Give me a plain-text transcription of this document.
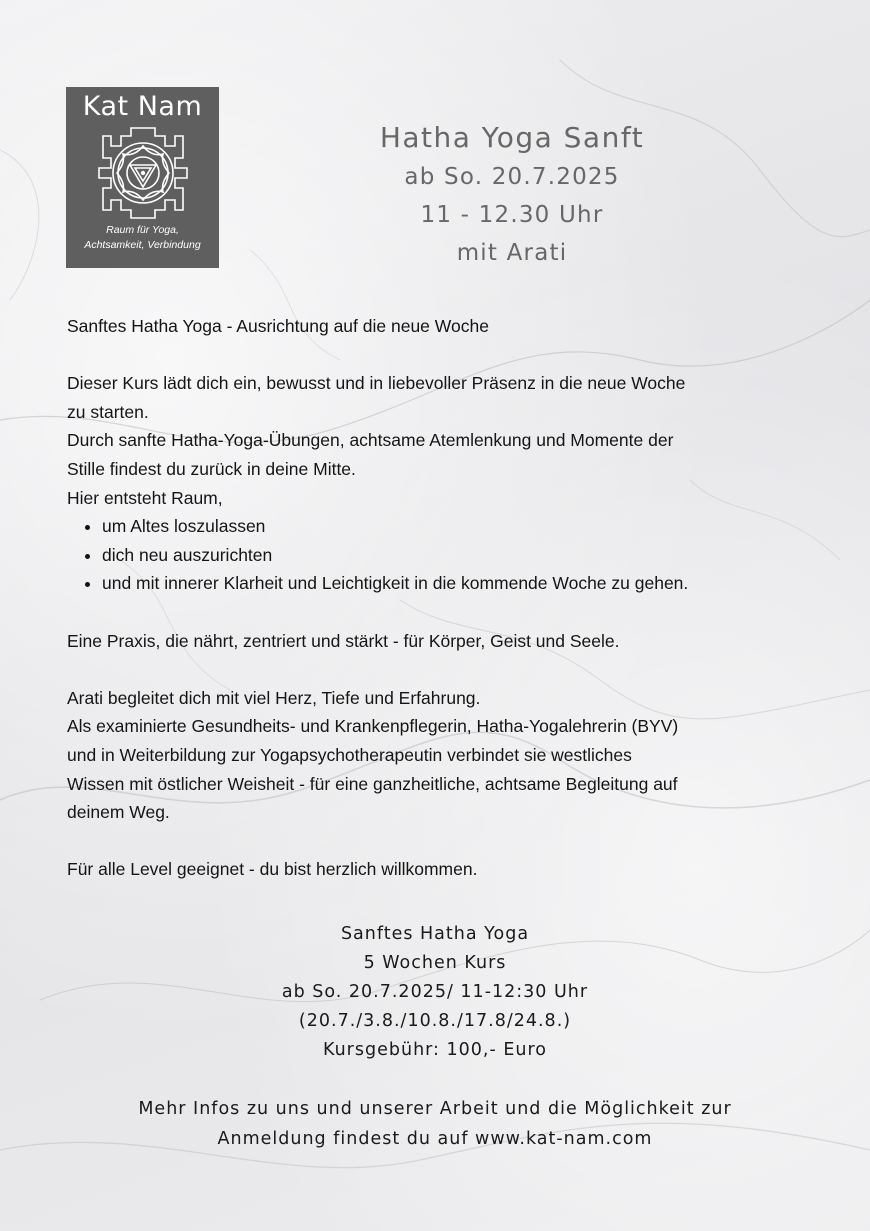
Kat Nam
Raum für Yoga,
Achtsamkeit, Verbindung
Hatha Yoga Sanft
ab So. 20.7.2025
11 - 12.30 Uhr
mit Arati

Sanftes Hatha Yoga - Ausrichtung auf die neue Woche

Dieser Kurs lädt dich ein, bewusst und in liebevoller Präsenz in die neue Woche

zu starten.

Durch sanfte Hatha-Yoga-Übungen, achtsame Atemlenkung und Momente der

Stille findest du zurück in deine Mitte.

Hier entsteht Raum,

• um Altes loszulassen
• dich neu auszurichten
• und mit innerer Klarheit und Leichtigkeit in die kommende Woche zu gehen.

Eine Praxis, die nährt, zentriert und stärkt - für Körper, Geist und Seele.

Arati begleitet dich mit viel Herz, Tiefe und Erfahrung.

Als examinierte Gesundheits- und Krankenpflegerin, Hatha-Yogalehrerin (BYV)

und in Weiterbildung zur Yogapsychotherapeutin verbindet sie westliches

Wissen mit östlicher Weisheit - für eine ganzheitliche, achtsame Begleitung auf

deinem Weg.

Für alle Level geeignet - du bist herzlich willkommen.

Sanftes Hatha Yoga
5 Wochen Kurs
ab So. 20.7.2025/ 11-12:30 Uhr
(20.7./3.8./10.8./17.8/24.8.)
Kursgebühr: 100,- Euro
Mehr Infos zu uns und unserer Arbeit und die Möglichkeit zur
Anmeldung findest du auf www.kat-nam.com
